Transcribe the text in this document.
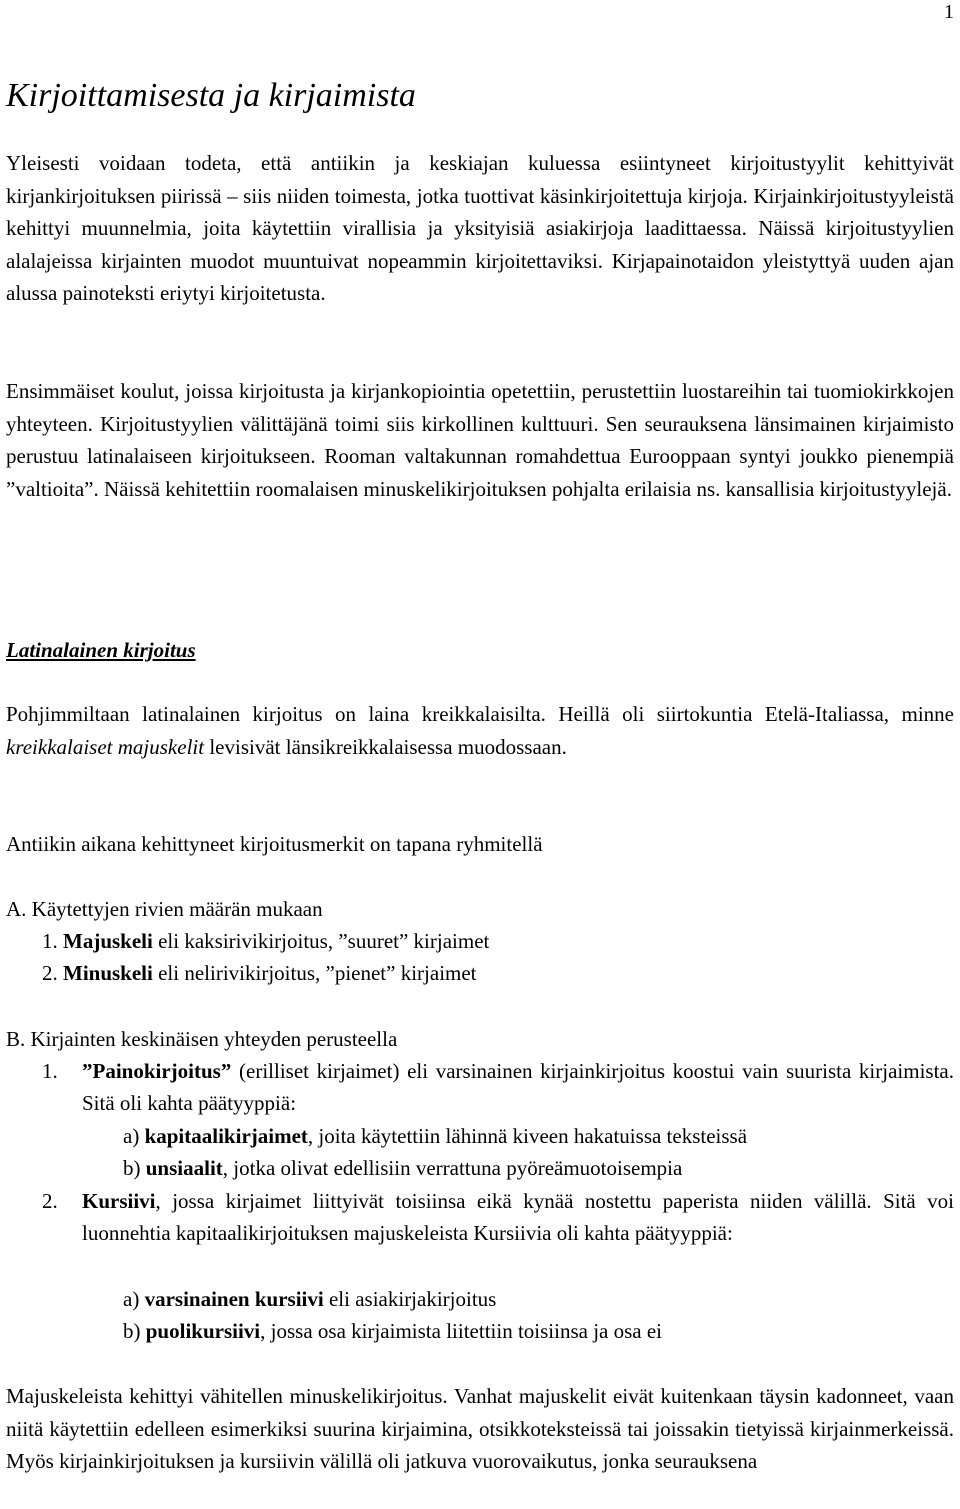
1
Kirjoittamisesta ja kirjaimista

Yleisesti voidaan todeta, että antiikin ja keskiajan kuluessa esiintyneet kirjoitustyylit kehittyivät kirjankirjoituksen piirissä – siis niiden toimesta, jotka tuottivat käsinkirjoitettuja kirjoja. Kirjainkirjoitustyyleistä kehittyi muunnelmia, joita käytettiin virallisia ja yksityisiä asiakirjoja laadittaessa. Näissä kirjoitustyylien alalajeissa kirjainten muodot muuntuivat nopeammin kirjoitettaviksi. Kirjapainotaidon yleistyttyä uuden ajan alussa painoteksti eriytyi kirjoitetusta.

Ensimmäiset koulut, joissa kirjoitusta ja kirjankopiointia opetettiin, perustettiin luostareihin tai tuomiokirkkojen yhteyteen. Kirjoitustyylien välittäjänä toimi siis kirkollinen kulttuuri. Sen seurauksena länsimainen kirjaimisto perustuu latinalaiseen kirjoitukseen. Rooman valtakunnan romahdettua Eurooppaan syntyi joukko pienempiä ”valtioita”. Näissä kehitettiin roomalaisen minuskelikirjoituksen pohjalta erilaisia ns. kansallisia kirjoitustyylejä.

Latinalainen kirjoitus

Pohjimmiltaan latinalainen kirjoitus on laina kreikkalaisilta. Heillä oli siirtokuntia Etelä-Italiassa, minne kreikkalaiset majuskelit levisivät länsikreikkalaisessa muodossaan.

Antiikin aikana kehittyneet kirjoitusmerkit on tapana ryhmitellä
A. Käytettyjen rivien määrän mukaan
1. Majuskeli eli kaksirivikirjoitus, ”suuret” kirjaimet
2. Minuskeli eli nelirivikirjoitus, ”pienet” kirjaimet
B. Kirjainten keskinäisen yhteyden perusteella
1. ”Painokirjoitus” (erilliset kirjaimet) eli varsinainen kirjainkirjoitus koostui vain suurista kirjaimista. Sitä oli kahta päätyyppiä:
a) kapitaalikirjaimet, joita käytettiin lähinnä kiveen hakatuissa teksteissä
b) unsiaalit, jotka olivat edellisiin verrattuna pyöreämuotoisempia
2. Kursiivi, jossa kirjaimet liittyivät toisiinsa eikä kynää nostettu paperista niiden välillä. Sitä voi luonnehtia kapitaalikirjoituksen majuskeleista Kursiivia oli kahta päätyyppiä:
a) varsinainen kursiivi eli asiakirjakirjoitus
b) puolikursiivi, jossa osa kirjaimista liitettiin toisiinsa ja osa ei

Majuskeleista kehittyi vähitellen minuskelikirjoitus. Vanhat majuskelit eivät kuitenkaan täysin kadonneet, vaan niitä käytettiin edelleen esimerkiksi suurina kirjaimina, otsikkoteksteissä tai joissakin tietyissä kirjainmerkeissä. Myös kirjainkirjoituksen ja kursiivin välillä oli jatkuva vuorovaikutus, jonka seurauksena
